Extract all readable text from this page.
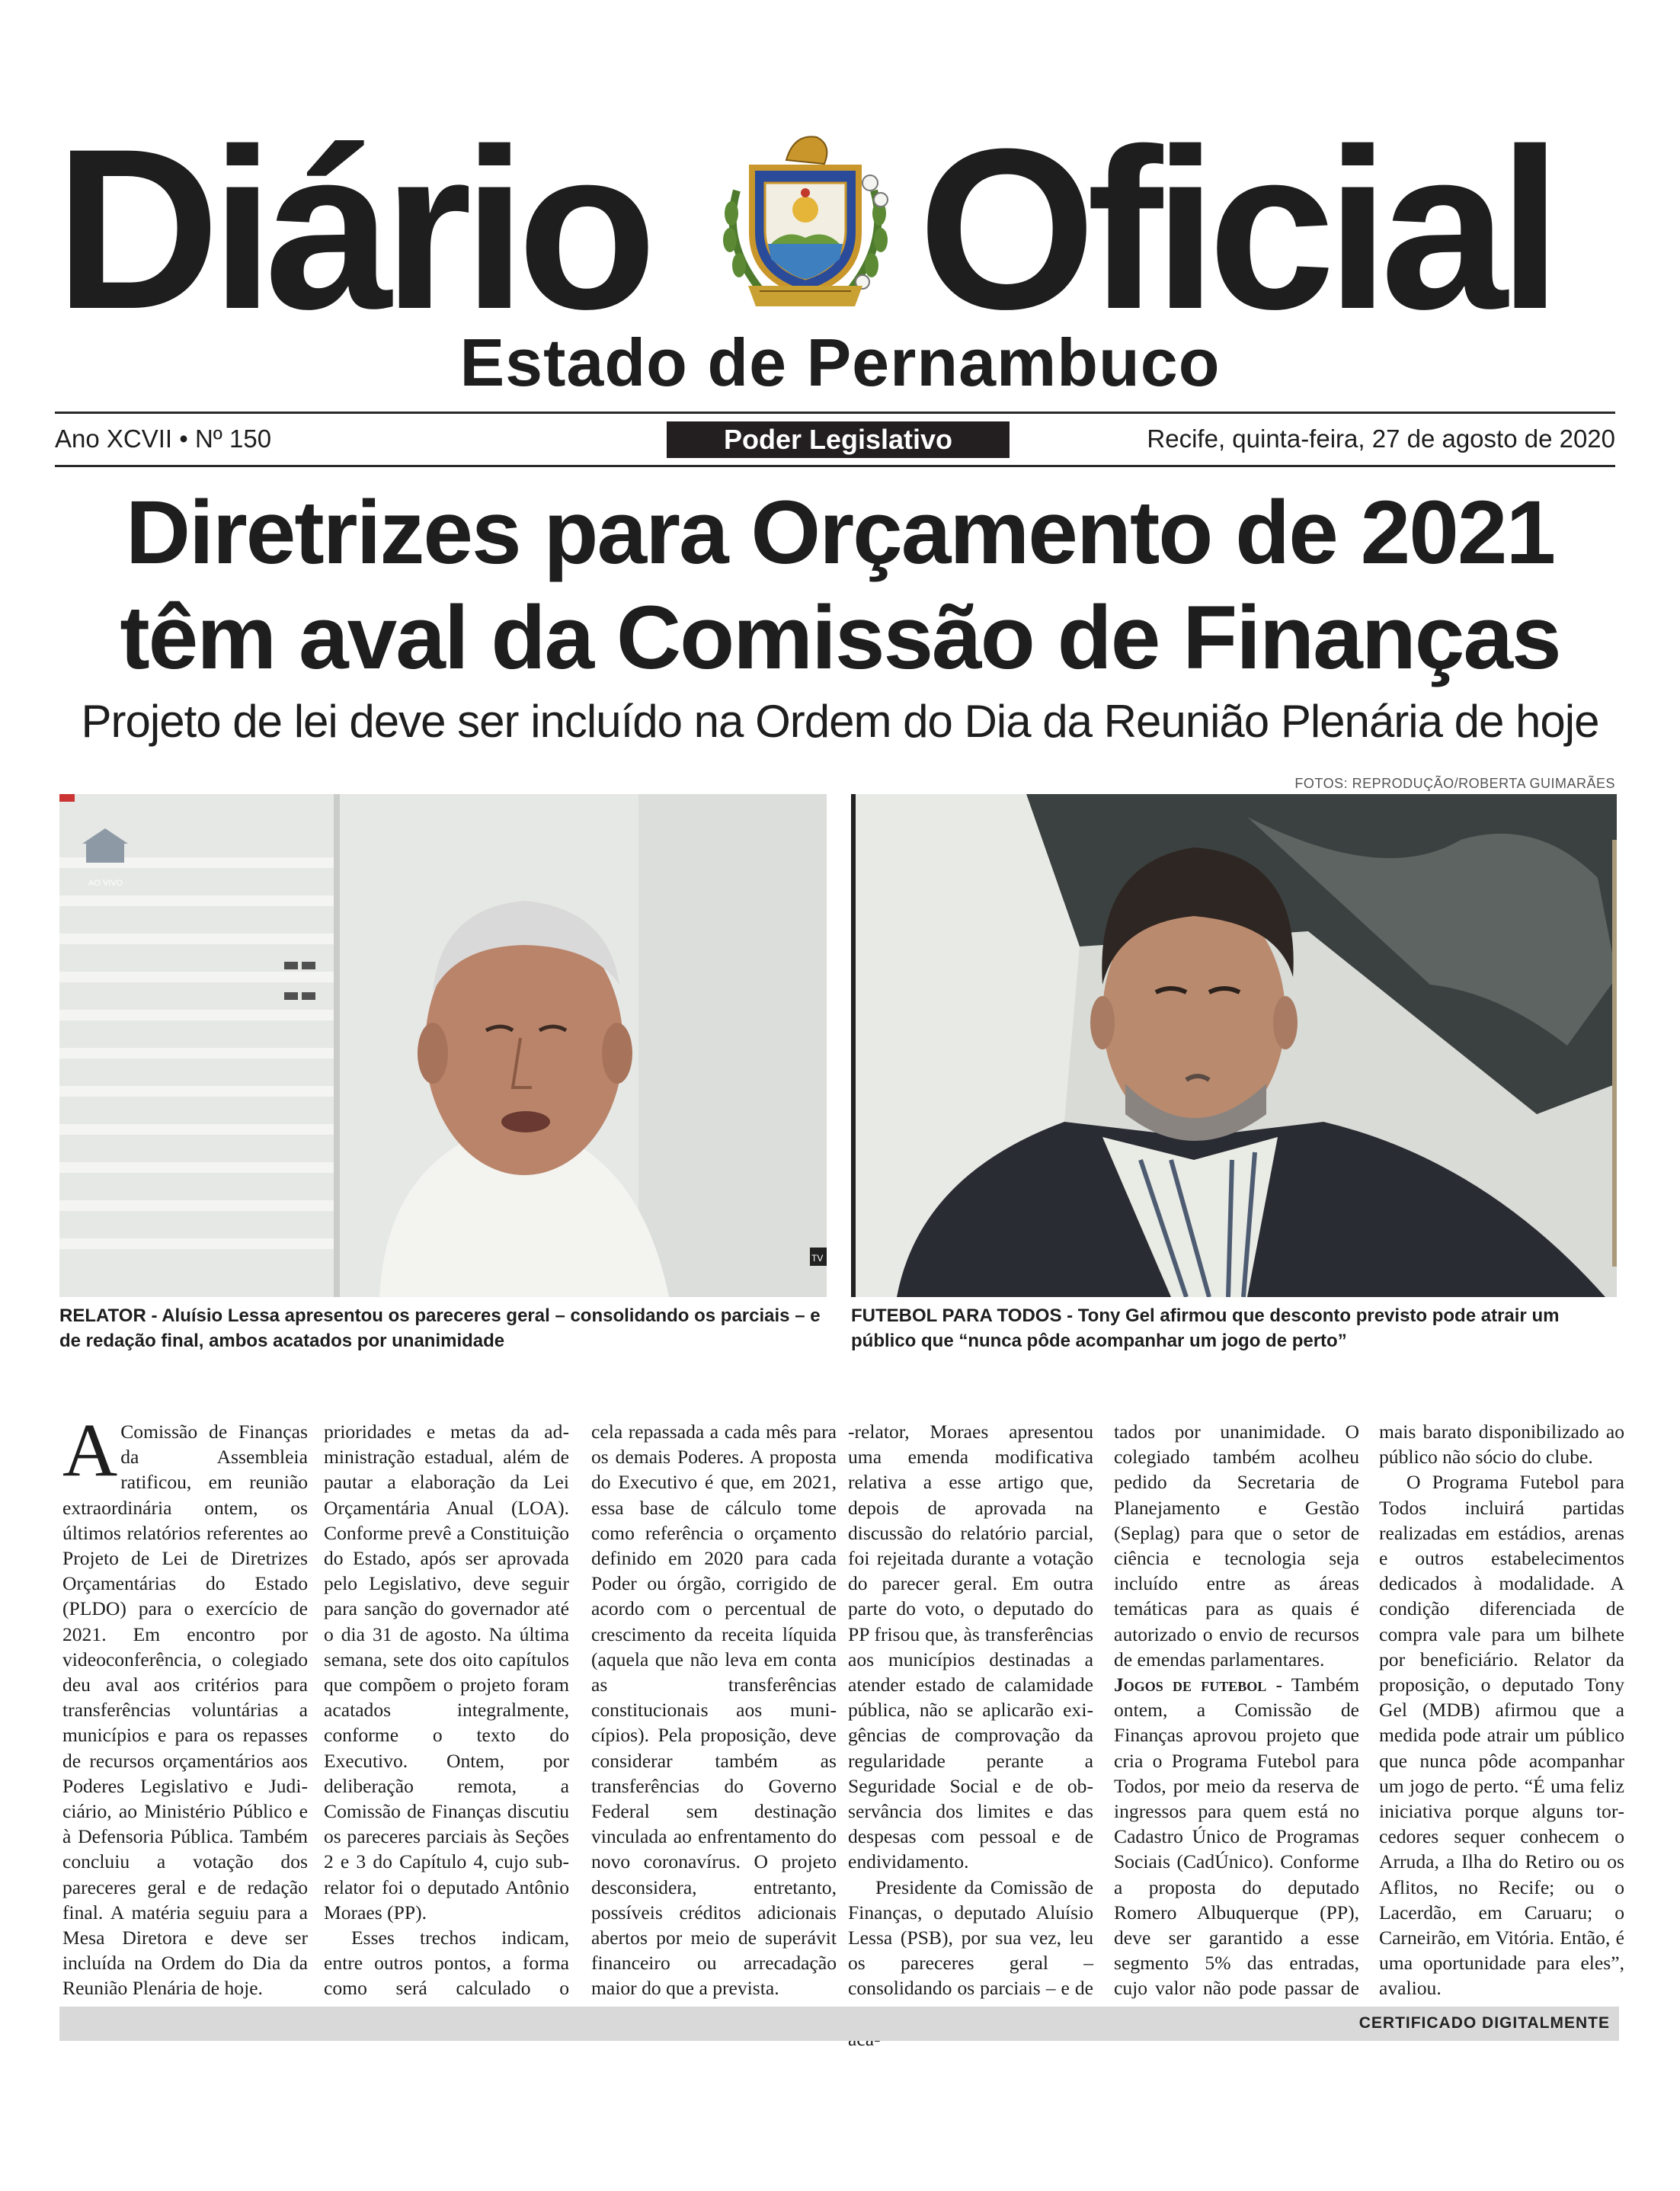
Diário Oficial
Estado de Pernambuco
Ano XCVII • Nº 150	Poder Legislativo	Recife, quinta-feira, 27 de agosto de 2020
Diretrizes para Orçamento de 2021
têm aval da Comissão de Finanças
Projeto de lei deve ser incluído na Ordem do Dia da Reunião Plenária de hoje
FOTOS: REPRODUÇÃO/ROBERTA GUIMARÃES
AO VIVO
TV
RELATOR - Aluísio Lessa apresentou os pareceres geral – consolidando os parciais – e de redação final, ambos acatados por unanimidade
FUTEBOL PARA TODOS - Tony Gel afirmou que desconto previsto pode atrair um público que “nunca pôde acompanhar um jogo de perto”

A Comissão de Finanças da Assembleia ratificou, em reunião extraordinária ontem, os últimos relatórios referentes ao Projeto de Lei de Diretrizes Orçamentárias do Estado (PLDO) para o exercício de 2021. Em encontro por videoconferência, o colegiado deu aval aos critérios para transferências voluntárias a municípios e para os repasses de recursos orçamentários aos Poderes Legislativo e Judiciário, ao Ministério Público e à Defensoria Pública. Também concluiu a votação dos pareceres geral e de redação final. A matéria seguiu para a Mesa Diretora e deve ser incluída na Ordem do Dia da Reunião Plenária de hoje.

prioridades e metas da administração estadual, além de pautar a elaboração da Lei Orçamentária Anual (LOA). Conforme prevê a Constituição do Estado, após ser aprovada pelo Legislativo, deve seguir para sanção do governador até o dia 31 de agosto. Na última semana, sete dos oito capítulos que compõem o projeto foram acatados integralmente, conforme o texto do Executivo. Ontem, por deliberação remota, a Comissão de Finanças discutiu os pareceres parciais às Seções 2 e 3 do Capítulo 4, cujo sub-relator foi o deputado Antônio Moraes (PP).

Esses trechos indicam, entre outros pontos, a forma como será calculado o

cela repassada a cada mês para os demais Poderes. A proposta do Executivo é que, em 2021, essa base de cálculo tome como referência o orçamento definido em 2020 para cada Poder ou órgão, corrigido de acordo com o percentual de crescimento da receita líquida (aquela que não leva em conta as transferências constitucionais aos municípios). Pela proposição, deve considerar também as transferências do Governo Federal sem destinação vinculada ao enfrentamento do novo coronavírus. O projeto desconsidera, entretanto, possíveis créditos adicionais abertos por meio de superávit financeiro ou arrecadação maior do que a prevista.

-relator, Moraes apresentou uma emenda modificativa relativa a esse artigo que, depois de aprovada na discussão do relatório parcial, foi rejeitada durante a votação do parecer geral. Em outra parte do voto, o deputado do PP frisou que, às transferências aos municípios destinadas a atender estado de calamidade pública, não se aplicarão exigências de comprovação da regularidade perante a Seguridade Social e de observância dos limites e das despesas com pessoal e de endividamento.

Presidente da Comissão de Finanças, o deputado Aluísio Lessa (PSB), por sua vez, leu os pareceres geral – consolidando os parciais – e de

tados por unanimidade. O colegiado também acolheu pedido da Secretaria de Planejamento e Gestão (Seplag) para que o setor de ciência e tecnologia seja incluído entre as áreas temáticas para as quais é autorizado o envio de recursos de emendas parlamentares.

Jogos de futebol - Também ontem, a Comissão de Finanças aprovou projeto que cria o Programa Futebol para Todos, por meio da reserva de ingressos para quem está no Cadastro Único de Programas Sociais (CadÚnico). Conforme a proposta do deputado Romero Albuquerque (PP), deve ser garantido a esse segmento 5% das entradas, cujo valor não pode passar de

mais barato disponibilizado ao público não sócio do clube.

O Programa Futebol para Todos incluirá partidas realizadas em estádios, arenas e outros estabelecimentos dedicados à modalidade. A condição diferenciada de compra vale para um bilhete por beneficiário. Relator da proposição, o deputado Tony Gel (MDB) afirmou que a medida pode atrair um público que nunca pôde acompanhar um jogo de perto. “É uma feliz iniciativa porque alguns torcedores sequer conhecem o Arruda, a Ilha do Retiro ou os Aflitos, no Recife; ou o Lacerdão, em Caruaru; o Carneirão, em Vitória. Então, é uma oportunidade para eles”, avaliou.

CERTIFICADO DIGITALMENTE
